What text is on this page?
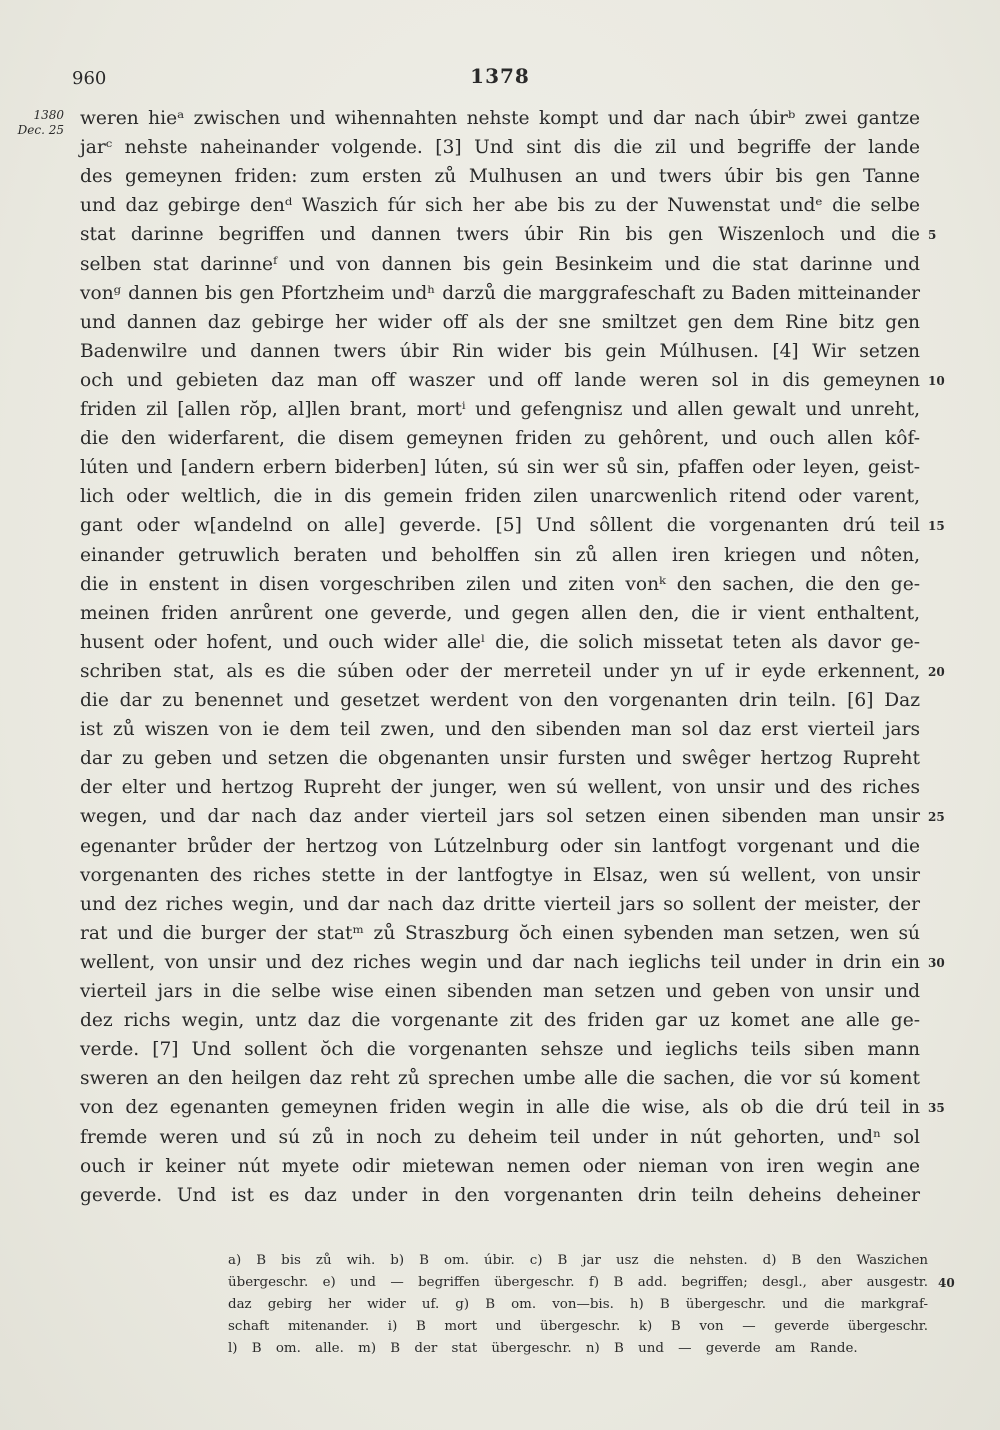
960	1378
1380 Dec. 25
weren hieᵃ zwischen und wihennahten nehste kompt und dar nach úbirᵇ zwei gantze
jarᶜ nehste naheinander volgende. [3] Und sint dis die zil und begriffe der lande
des gemeynen friden: zum ersten zů Mulhusen an und twers úbir bis gen Tanne
und daz gebirge denᵈ Waszich fúr sich her abe bis zu der Nuwenstat undᵉ die selbe
stat darinne begriffen und dannen twers úbir Rin bis gen Wiszenloch und die
selben stat darinneᶠ und von dannen bis gein Besinkeim und die stat darinne und
vonᵍ dannen bis gen Pfortzheim undʰ darzů die marggrafeschaft zu Baden mitteinander
und dannen daz gebirge her wider off als der sne smiltzet gen dem Rine bitz gen
Badenwilre und dannen twers úbir Rin wider bis gein Múlhusen. [4] Wir setzen
och und gebieten daz man off waszer und off lande weren sol in dis gemeynen
friden zil [allen rŏp, al]len brant, mortⁱ und gefengnisz und allen gewalt und unreht,
die den widerfarent, die disem gemeynen friden zu gehôrent, und ouch allen kôf-
lúten und [andern erbern biderben] lúten, sú sin wer sů sin, pfaffen oder leyen, geist-
lich oder weltlich, die in dis gemein friden zilen unarcwenlich ritend oder varent,
gant oder w[andelnd on alle] geverde. [5] Und sôllent die vorgenanten drú teil
einander getruwlich beraten und beholffen sin zů allen iren kriegen und nôten,
die in enstent in disen vorgeschriben zilen und ziten vonᵏ den sachen, die den ge-
meinen friden anrůrent one geverde, und gegen allen den, die ir vient enthaltent,
husent oder hofent, und ouch wider alleˡ die, die solich missetat teten als davor ge-
schriben stat, als es die súben oder der merreteil under yn uf ir eyde erkennent,
die dar zu benennet und gesetzet werdent von den vorgenanten drin teiln. [6] Daz
ist zů wiszen von ie dem teil zwen, und den sibenden man sol daz erst vierteil jars
dar zu geben und setzen die obgenanten unsir fursten und swêger hertzog Rupreht
der elter und hertzog Rupreht der junger, wen sú wellent, von unsir und des riches
wegen, und dar nach daz ander vierteil jars sol setzen einen sibenden man unsir
egenanter brůder der hertzog von Lútzelnburg oder sin lantfogt vorgenant und die
vorgenanten des riches stette in der lantfogtye in Elsaz, wen sú wellent, von unsir
und dez riches wegin, und dar nach daz dritte vierteil jars so sollent der meister, der
rat und die burger der statᵐ zů Straszburg ŏch einen sybenden man setzen, wen sú
wellent, von unsir und dez riches wegin und dar nach ieglichs teil under in drin ein
vierteil jars in die selbe wise einen sibenden man setzen und geben von unsir und
dez richs wegin, untz daz die vorgenante zit des friden gar uz komet ane alle ge-
verde. [7] Und sollent ŏch die vorgenanten sehsze und ieglichs teils siben mann
sweren an den heilgen daz reht zů sprechen umbe alle die sachen, die vor sú koment
von dez egenanten gemeynen friden wegin in alle die wise, als ob die drú teil in
fremde weren und sú zů in noch zu deheim teil under in nút gehorten, undⁿ sol
ouch ir keiner nút myete odir mietewan nemen oder nieman von iren wegin ane
geverde. Und ist es daz under in den vorgenanten drin teiln deheins deheiner
5
10
15
20
25
30
35
40
a) B bis zů wih. b) B om. úbir. c) B jar usz die nehsten. d) B den Waszichen
übergeschr. e) und — begriffen übergeschr. f) B add. begriffen; desgl., aber ausgestr.
daz gebirg her wider uf. g) B om. von—bis. h) B übergeschr. und die markgraf-
schaft mitenander. i) B mort und übergeschr. k) B von — geverde übergeschr.
l) B om. alle. m) B der stat übergeschr. n) B und — geverde am Rande.
